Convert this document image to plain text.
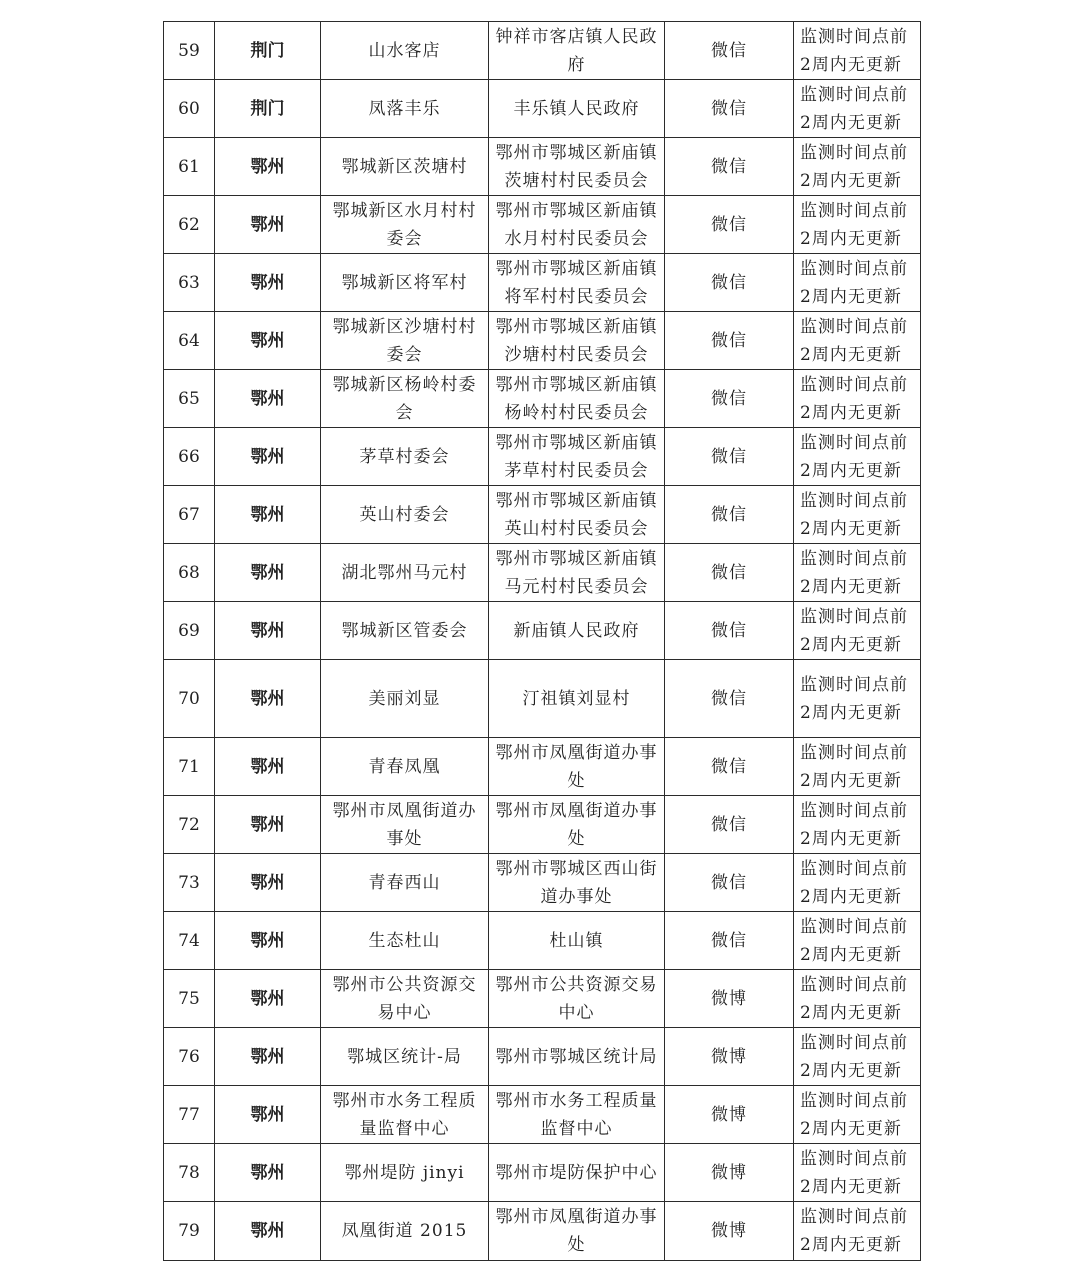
59	荆门	山水客店	钟祥市客店镇人民政府	微信	监测时间点前2周内无更新
60	荆门	凤落丰乐	丰乐镇人民政府	微信	监测时间点前2周内无更新
61	鄂州	鄂城新区茨塘村	鄂州市鄂城区新庙镇茨塘村村民委员会	微信	监测时间点前2周内无更新
62	鄂州	鄂城新区水月村村委会	鄂州市鄂城区新庙镇水月村村民委员会	微信	监测时间点前2周内无更新
63	鄂州	鄂城新区将军村	鄂州市鄂城区新庙镇将军村村民委员会	微信	监测时间点前2周内无更新
64	鄂州	鄂城新区沙塘村村委会	鄂州市鄂城区新庙镇沙塘村村民委员会	微信	监测时间点前2周内无更新
65	鄂州	鄂城新区杨岭村委会	鄂州市鄂城区新庙镇杨岭村村民委员会	微信	监测时间点前2周内无更新
66	鄂州	茅草村委会	鄂州市鄂城区新庙镇茅草村村民委员会	微信	监测时间点前2周内无更新
67	鄂州	英山村委会	鄂州市鄂城区新庙镇英山村村民委员会	微信	监测时间点前2周内无更新
68	鄂州	湖北鄂州马元村	鄂州市鄂城区新庙镇马元村村民委员会	微信	监测时间点前2周内无更新
69	鄂州	鄂城新区管委会	新庙镇人民政府	微信	监测时间点前2周内无更新
70	鄂州	美丽刘显	汀祖镇刘显村	微信	监测时间点前2周内无更新
71	鄂州	青春凤凰	鄂州市凤凰街道办事处	微信	监测时间点前2周内无更新
72	鄂州	鄂州市凤凰街道办事处	鄂州市凤凰街道办事处	微信	监测时间点前2周内无更新
73	鄂州	青春西山	鄂州市鄂城区西山街道办事处	微信	监测时间点前2周内无更新
74	鄂州	生态杜山	杜山镇	微信	监测时间点前2周内无更新
75	鄂州	鄂州市公共资源交易中心	鄂州市公共资源交易中心	微博	监测时间点前2周内无更新
76	鄂州	鄂城区统计-局	鄂州市鄂城区统计局	微博	监测时间点前2周内无更新
77	鄂州	鄂州市水务工程质量监督中心	鄂州市水务工程质量监督中心	微博	监测时间点前2周内无更新
78	鄂州	鄂州堤防 jinyi	鄂州市堤防保护中心	微博	监测时间点前2周内无更新
79	鄂州	凤凰街道 2015	鄂州市凤凰街道办事处	微博	监测时间点前2周内无更新
